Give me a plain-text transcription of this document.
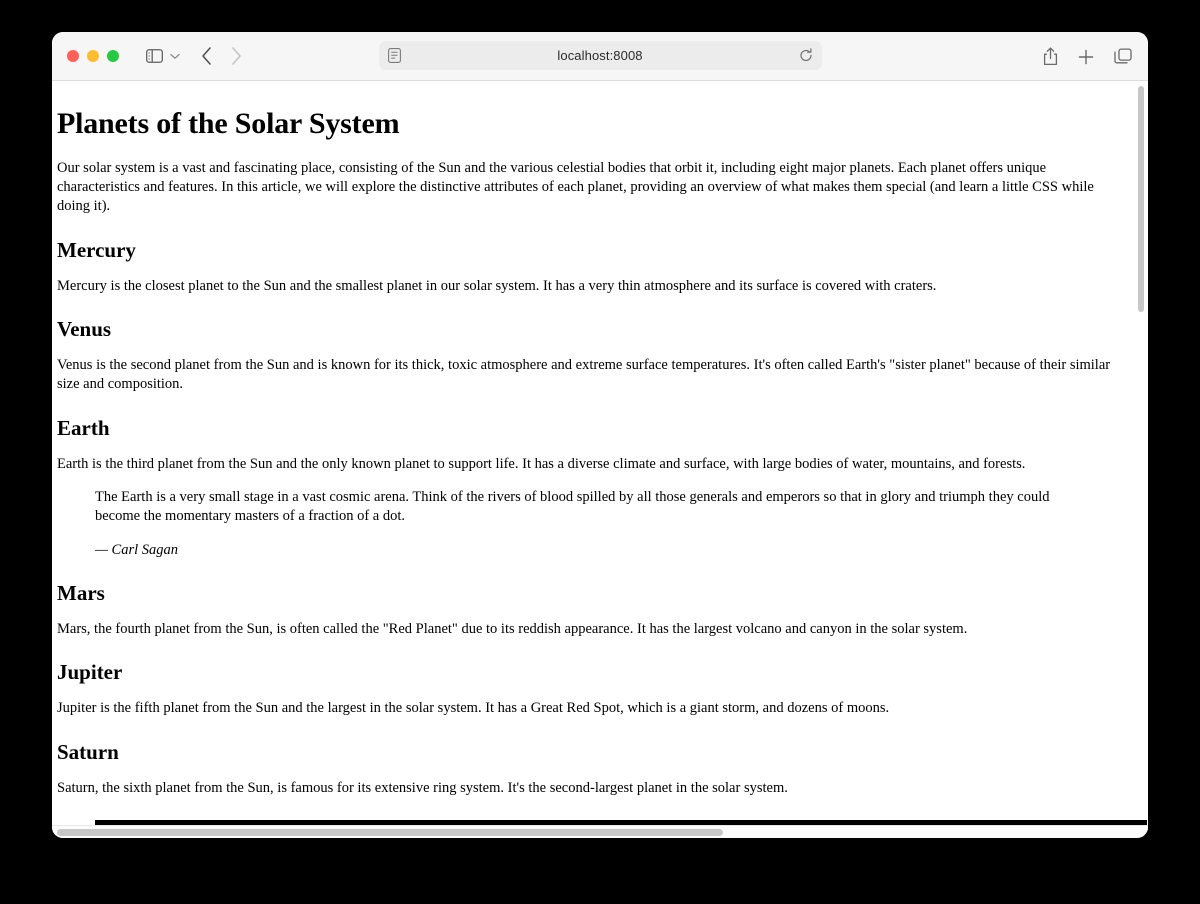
localhost:8008
Planets of the Solar System

Our solar system is a vast and fascinating place, consisting of the Sun and the various celestial bodies that orbit it, including eight major planets. Each planet offers unique characteristics and features. In this article, we will explore the distinctive attributes of each planet, providing an overview of what makes them special (and learn a little CSS while doing it).

Mercury

Mercury is the closest planet to the Sun and the smallest planet in our solar system. It has a very thin atmosphere and its surface is covered with craters.

Venus

Venus is the second planet from the Sun and is known for its thick, toxic atmosphere and extreme surface temperatures. It's often called Earth's "sister planet" because of their similar size and composition.

Earth

Earth is the third planet from the Sun and the only known planet to support life. It has a diverse climate and surface, with large bodies of water, mountains, and forests.

The Earth is a very small stage in a vast cosmic arena. Think of the rivers of blood spilled by all those generals and emperors so that in glory and triumph they could become the momentary masters of a fraction of a dot.

— Carl Sagan
Mars

Mars, the fourth planet from the Sun, is often called the "Red Planet" due to its reddish appearance. It has the largest volcano and canyon in the solar system.

Jupiter

Jupiter is the fifth planet from the Sun and the largest in the solar system. It has a Great Red Spot, which is a giant storm, and dozens of moons.

Saturn

Saturn, the sixth planet from the Sun, is famous for its extensive ring system. It's the second-largest planet in the solar system.
